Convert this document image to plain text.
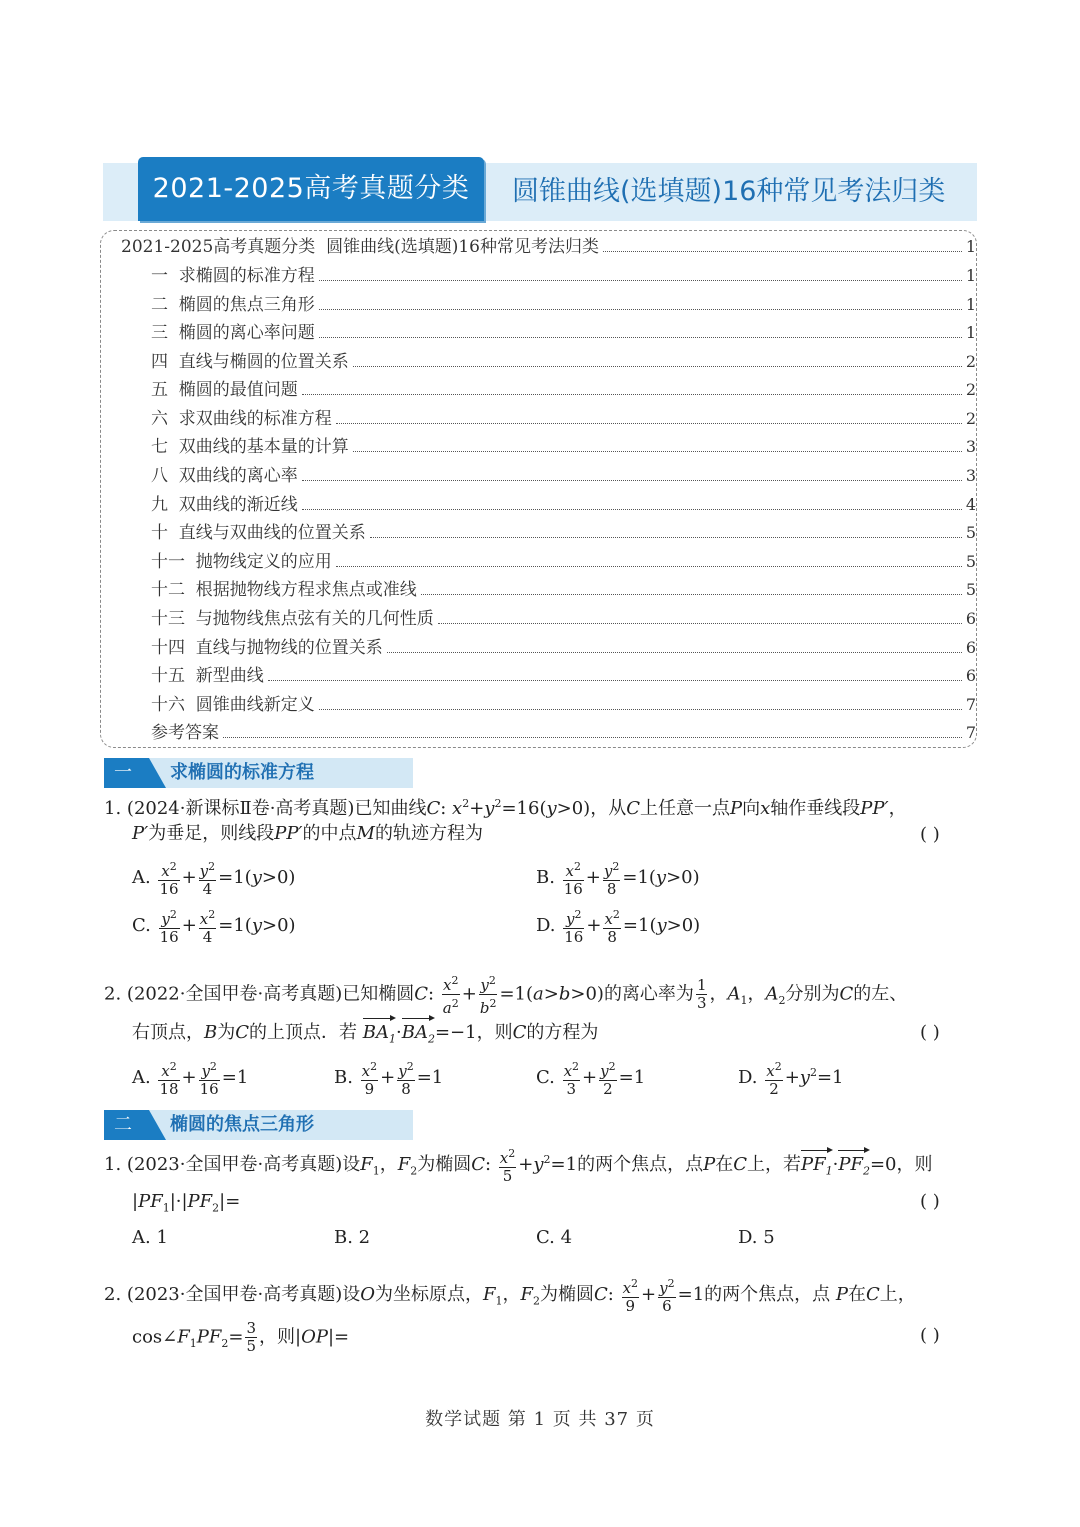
2021-2025高考真题分类	圆锥曲线(选填题)16种常见考法归类
2021-2025高考真题分类  圆锥曲线(选填题)16种常见考法归类	1
一  求椭圆的标准方程	1
二  椭圆的焦点三角形	1
三  椭圆的离心率问题	1
四  直线与椭圆的位置关系	2
五  椭圆的最值问题	2
六  求双曲线的标准方程	2
七  双曲线的基本量的计算	3
八  双曲线的离心率	3
九  双曲线的渐近线	4
十  直线与双曲线的位置关系	5
十一  抛物线定义的应用	5
十二  根据抛物线方程求焦点或准线	5
十三  与抛物线焦点弦有关的几何性质	6
十四  直线与抛物线的位置关系	6
十五  新型曲线	6
十六  圆锥曲线新定义	7
参考答案	7
一 求椭圆的标准方程
1. (2024·新课标Ⅱ卷·高考真题)已知曲线C: $x^2+y^2=16(y>0)$，从C上任意一点P向x轴作垂线段PP′，
P′为垂足，则线段PP′的中点M的轨迹方程为	( )
A. $\frac{x^2}{16} + \frac{y^2}{4} =1(y>0)$	B. $\frac{x^2}{16} + \frac{y^2}{8} =1(y>0)$
C. $\frac{y^2}{16} + \frac{x^2}{4} =1(y>0)$	D. $\frac{y^2}{16} + \frac{x^2}{8} =1(y>0)$
2. (2022·全国甲卷·高考真题)已知椭圆C: $\frac{x^2}{a^2} + \frac{y^2}{b^2} =1(a>b>0)$的离心率为 $\frac{1}{3}$ ，$A_1$，$A_2$分别为C的左、
右顶点，B为C的上顶点．若 $BA_1\cdot BA_2=-1$，则C的方程为	( )
A. $\frac{x^2}{18} + \frac{y^2}{16} =1$	B. $\frac{x^2}{9} + \frac{y^2}{8} =1$	C. $\frac{x^2}{3} + \frac{y^2}{2} =1$	D. $\frac{x^2}{2} +y^2=1$
二 椭圆的焦点三角形
1. (2023·全国甲卷·高考真题)设$F_1$，$F_2$为椭圆C: $\frac{x^2}{5} +y^2=1$的两个焦点，点P在C上，若$PF_1\cdot PF_2=0$，则
$|PF_1|\cdot|PF_2|=$	( )
A. 1	B. 2	C. 4	D. 5
2. (2023·全国甲卷·高考真题)设O为坐标原点，$F_1$，$F_2$为椭圆C: $\frac{x^2}{9} + \frac{y^2}{6} =1$的两个焦点，点 P在C上，
$\cos\angle F_1PF_2= \frac{3}{5}$ ，则|OP|=	( )
数学试题 第 1 页 共 37 页
